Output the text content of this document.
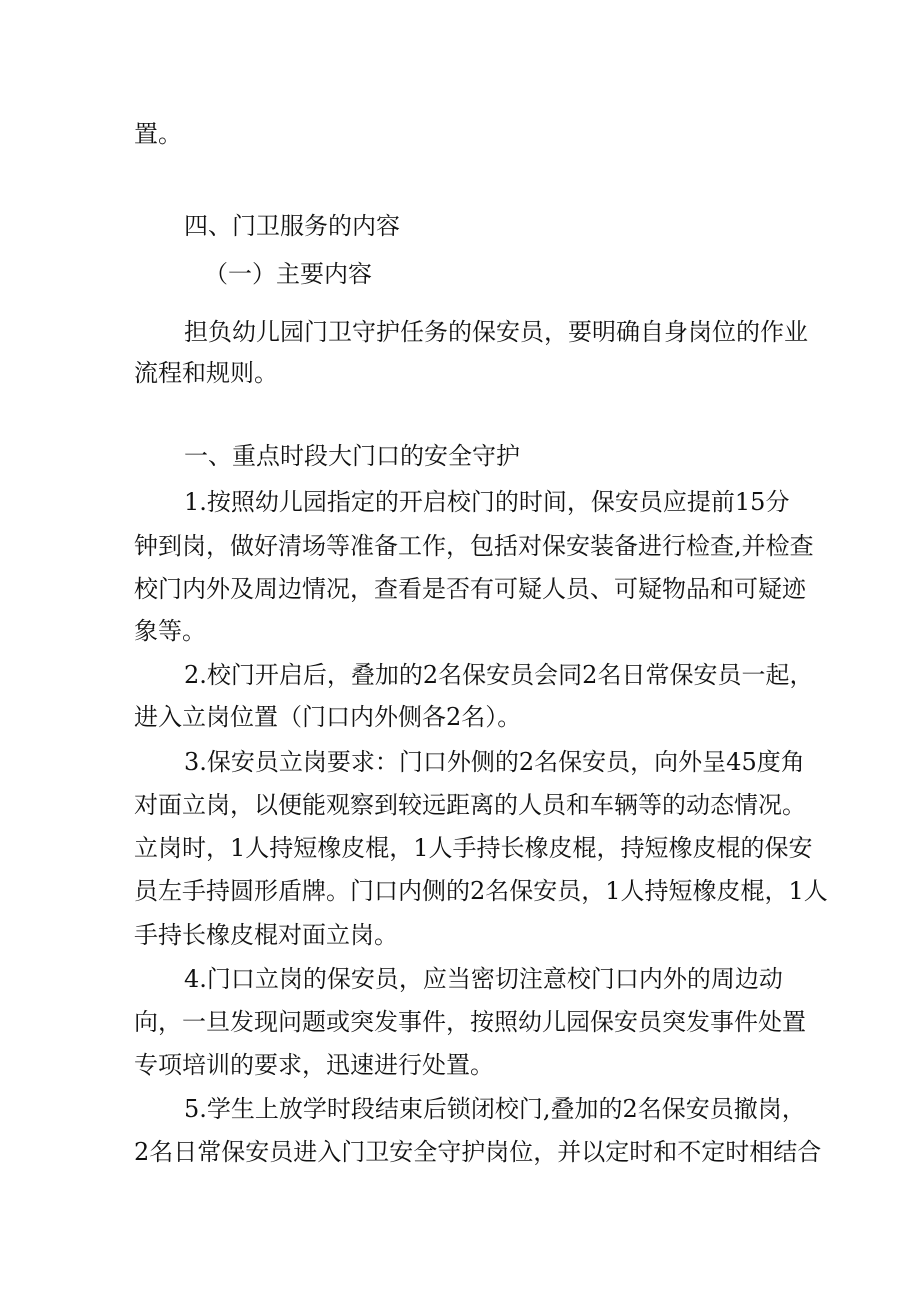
置。

四、门卫服务的内容

（一）主要内容

担负幼儿园门卫守护任务的保安员，要明确自身岗位的作业

流程和规则。

一、重点时段大门口的安全守护

1.按照幼儿园指定的开启校门的时间，保安员应提前15分

钟到岗，做好清场等准备工作，包括对保安装备进行检查,并检查

校门内外及周边情况，查看是否有可疑人员、可疑物品和可疑迹

象等。

2.校门开启后，叠加的2名保安员会同2名日常保安员一起，

进入立岗位置（门口内外侧各2名）。

3.保安员立岗要求：门口外侧的2名保安员，向外呈45度角

对面立岗，以便能观察到较远距离的人员和车辆等的动态情况。

立岗时，1人持短橡皮棍，1人手持长橡皮棍，持短橡皮棍的保安

员左手持圆形盾牌。门口内侧的2名保安员，1人持短橡皮棍，1人

手持长橡皮棍对面立岗。

4.门口立岗的保安员，应当密切注意校门口内外的周边动

向，一旦发现问题或突发事件，按照幼儿园保安员突发事件处置

专项培训的要求，迅速进行处置。

5.学生上放学时段结束后锁闭校门,叠加的2名保安员撤岗，

2名日常保安员进入门卫安全守护岗位，并以定时和不定时相结合
